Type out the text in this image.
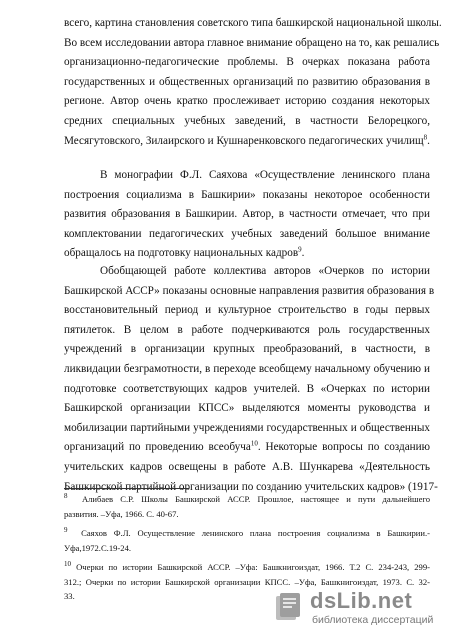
всего, картина становления советского типа башкирской национальной школы.
Во всем исследовании автора главное внимание обращено на то, как решались
организационно-педагогические проблемы. В очерках показана работа
государственных и общественных организаций по развитию образования в
регионе. Автор очень кратко прослеживает историю создания некоторых
средних специальных учебных заведений, в частности Белорецкого,
Месягутовского, Зилаирского и Кушнаренковского педагогических училищ$^8$.
В монографии Ф.Л. Саяхова «Осуществление ленинского плана
построения социализма в Башкирии» показаны некоторое особенности
развития образования в Башкирии. Автор, в частности отмечает, что при
комплектовании педагогических учебных заведений большое внимание
обращалось на подготовку национальных кадров$^9$.
Обобщающей работе коллектива авторов «Очерков по истории
Башкирской АССР» показаны основные направления развития образования в
восстановительный период и культурное строительство в годы первых
пятилеток. В целом в работе подчеркиваются роль государственных
учреждений в организации крупных преобразований, в частности, в
ликвидации безграмотности, в переходе всеобщему начальному обучению и
подготовке соответствующих кадров учителей. В «Очерках по истории
Башкирской организации КПСС» выделяются моменты руководства и
мобилизации партийными учреждениями государственных и общественных
организаций по проведению всеобуча$^{10}$. Некоторые вопросы по созданию
учительских кадров освещены в работе А.В. Шункарева «Деятельность
Башкирской партийной организации по созданию учительских кадров» (1917-
$^8$ Алибаев С.Р. Школы Башкирской АССР. Прошлое, настоящее и пути дальнейшего
развития. –Уфа, 1966. С. 40-67.
$^9$ Саяхов Ф.Л. Осуществление ленинского плана построения социализма в Башкирии.-
Уфа,1972.С.19-24.
$^{10}$ Очерки по истории Башкирской АССР. –Уфа: Башкнигоиздат, 1966. Т.2 С. 234-243, 299-
312.; Очерки по истории Башкирской организации КПСС. –Уфа, Башкнигоиздат, 1973. С. 32-
33.	dsLib.net
библиотека диссертаций
